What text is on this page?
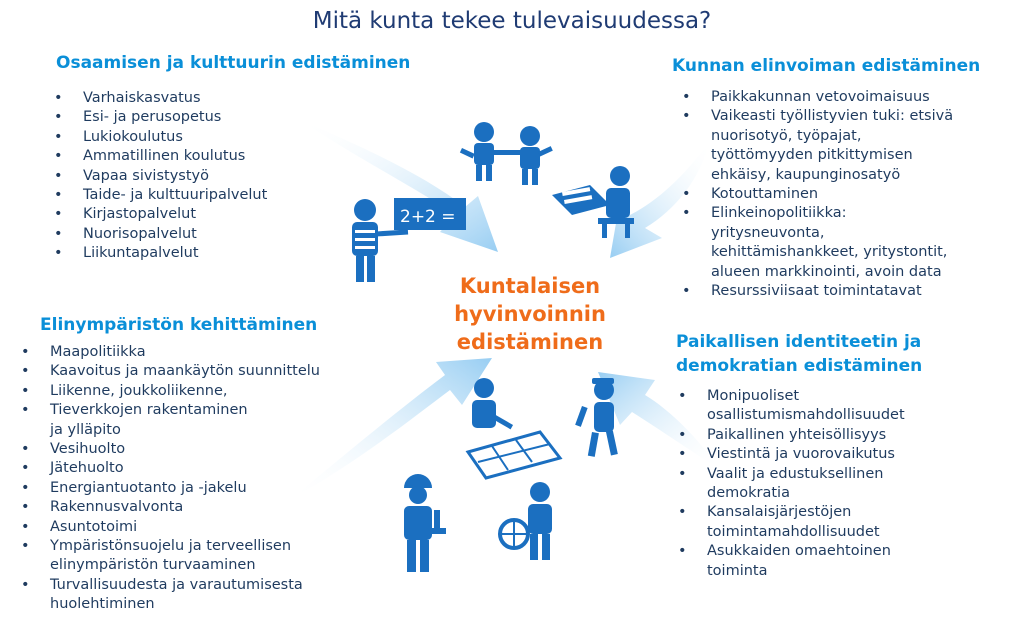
2+2 =
Mitä kunta tekee tulevaisuudessa?
Osaamisen ja kulttuurin edistäminen
• Varhaiskasvatus
• Esi- ja perusopetus
• Lukiokoulutus
• Ammatillinen koulutus
• Vapaa sivistystyö
• Taide- ja kulttuuripalvelut
• Kirjastopalvelut
• Nuorisopalvelut
• Liikuntapalvelut
Kunnan elinvoiman edistäminen
• Paikkakunnan vetovoimaisuus
• Vaikeasti työllistyvien tuki: etsivä
nuorisotyö, työpajat,
työttömyyden pitkittymisen
ehkäisy, kaupunginosatyö
• Kotouttaminen
• Elinkeinopolitiikka:
yritysneuvonta,
kehittämishankkeet, yritystontit,
alueen markkinointi, avoin data
• Resurssiviisaat toimintatavat
Elinympäristön kehittäminen
• Maapolitiikka
• Kaavoitus ja maankäytön suunnittelu
• Liikenne, joukkoliikenne,
• Tieverkkojen rakentaminen
ja ylläpito
• Vesihuolto
• Jätehuolto
• Energiantuotanto ja -jakelu
• Rakennusvalvonta
• Asuntotoimi
• Ympäristönsuojelu ja terveellisen
elinympäristön turvaaminen
• Turvallisuudesta ja varautumisesta
huolehtiminen
Paikallisen identiteetin ja
demokratian edistäminen
• Monipuoliset
osallistumismahdollisuudet
• Paikallinen yhteisöllisyys
• Viestintä ja vuorovaikutus
• Vaalit ja edustuksellinen
demokratia
• Kansalaisjärjestöjen
toimintamahdollisuudet
• Asukkaiden omaehtoinen
toiminta
Kuntalaisen
hyvinvoinnin
edistäminen
